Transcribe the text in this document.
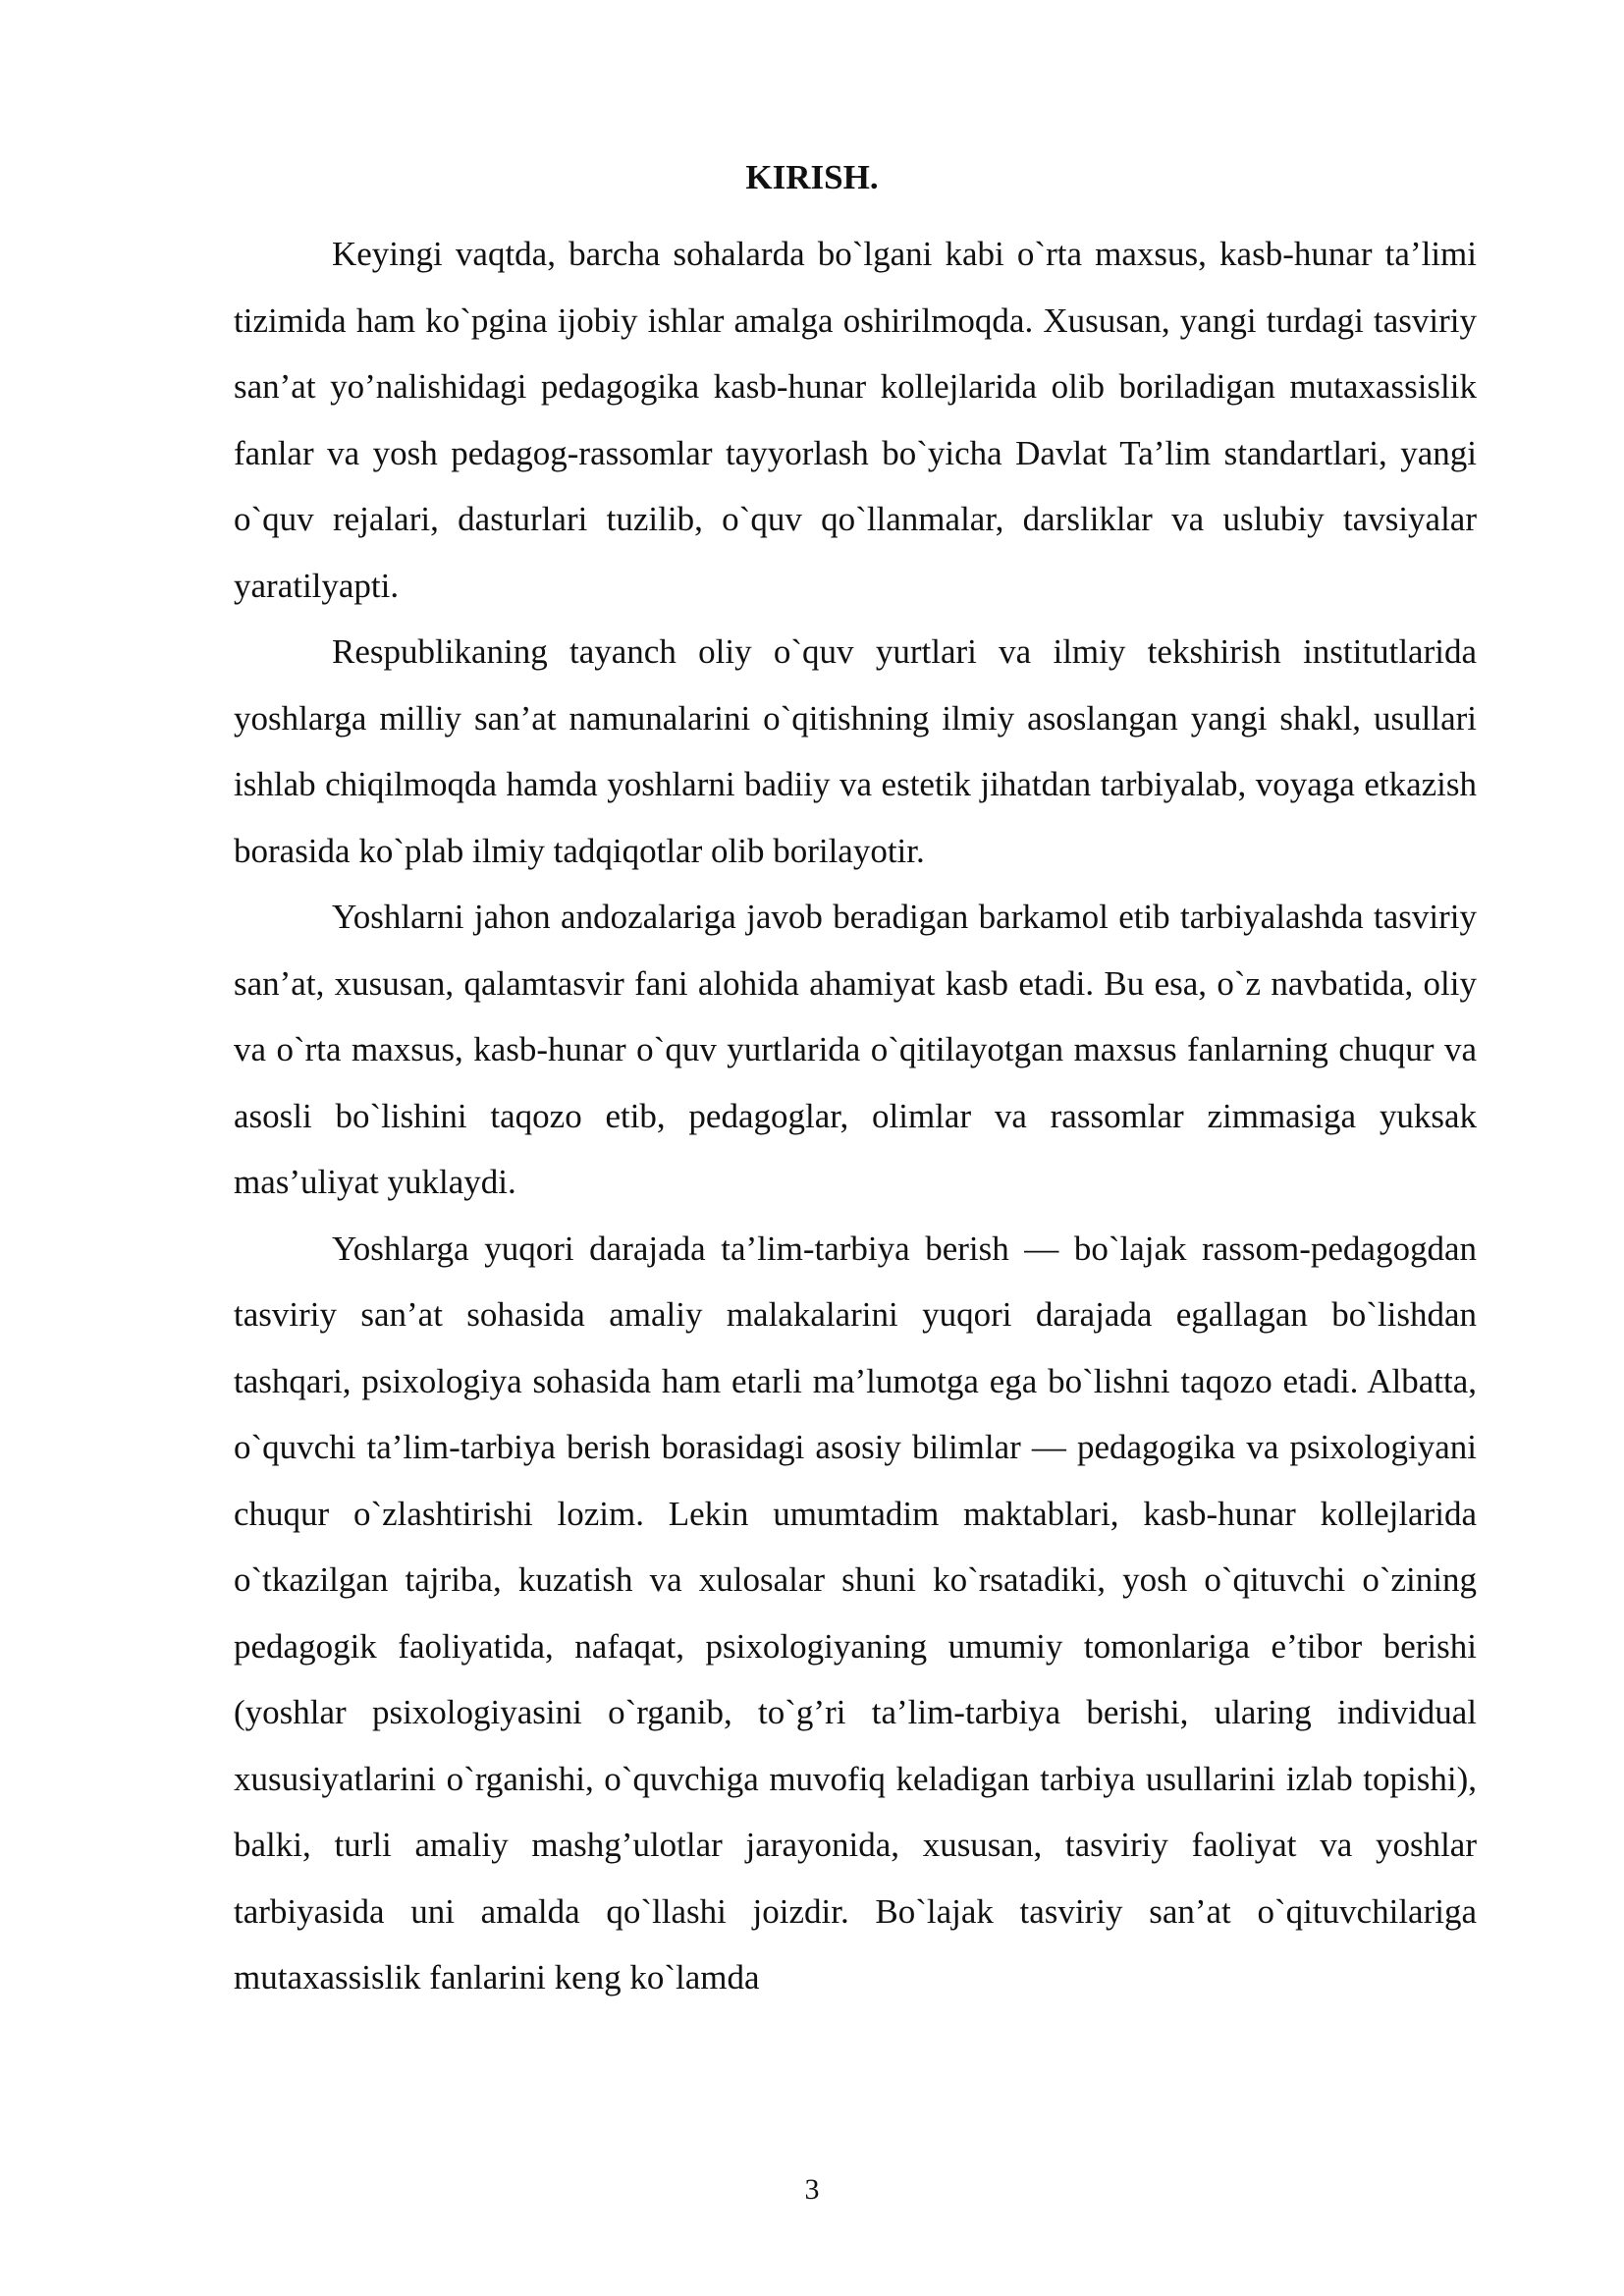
KIRISH.

Keyingi vaqtda, barcha sohalarda bo`lgani kabi o`rta maxsus, kasb-hunar ta’limi tizimida ham ko`pgina ijobiy ishlar amalga oshirilmoqda. Xususan, yangi turdagi tasviriy san’at yo’nalishidagi pedagogika kasb-hunar kollejlarida olib boriladigan mutaxassislik fanlar va yosh pedagog-rassomlar tayyorlash bo`yicha Davlat Ta’lim standartlari, yangi o`quv rejalari, dasturlari tuzilib, o`quv qo`llanmalar, darsliklar va uslubiy tavsiyalar yaratilyapti.

Respublikaning tayanch oliy o`quv yurtlari va ilmiy tekshirish institutlarida yoshlarga milliy san’at namunalarini o`qitishning ilmiy asoslangan yangi shakl, usullari ishlab chiqilmoqda hamda yoshlarni badiiy va estetik jihatdan tarbiyalab, voyaga etkazish borasida ko`plab ilmiy tadqiqotlar olib borilayotir.

Yoshlarni jahon andozalariga javob beradigan barkamol etib tarbiyalashda tasviriy san’at, xususan, qalamtasvir fani alohida ahamiyat kasb etadi. Bu esa, o`z navbatida, oliy va o`rta maxsus, kasb-hunar o`quv yurtlarida o`qitilayotgan maxsus fanlarning chuqur va asosli bo`lishini taqozo etib, pedagoglar, olimlar va rassomlar zimmasiga yuksak mas’uliyat yuklaydi.

Yoshlarga yuqori darajada ta’lim-tarbiya berish — bo`lajak rassom-pedagogdan tasviriy san’at sohasida amaliy malakalarini yuqori darajada egallagan bo`lishdan tashqari, psixologiya sohasida ham etarli ma’lumotga ega bo`lishni taqozo etadi. Albatta, o`quvchi ta’lim-tarbiya berish borasidagi asosiy bilimlar — pedagogika va psixologiyani chuqur o`zlashtirishi lozim. Lekin umumtadim maktablari, kasb-hunar kollejlarida o`tkazilgan tajriba, kuzatish va xulosalar shuni ko`rsatadiki, yosh o`qituvchi o`zining pedagogik faoliyatida, nafaqat, psixologiyaning umumiy tomonlariga e’tibor berishi (yoshlar psixologiyasini o`rganib, to`g’ri ta’lim-tarbiya berishi, ularing individual xususiyatlarini o`rganishi, o`quvchiga muvofiq keladigan tarbiya usullarini izlab topishi), balki, turli amaliy mashg’ulotlar jarayonida, xususan, tasviriy faoliyat va yoshlar tarbiyasida uni amalda qo`llashi joizdir. Bo`lajak tasviriy san’at o`qituvchilariga mutaxassislik fanlarini keng ko`lamda

3
